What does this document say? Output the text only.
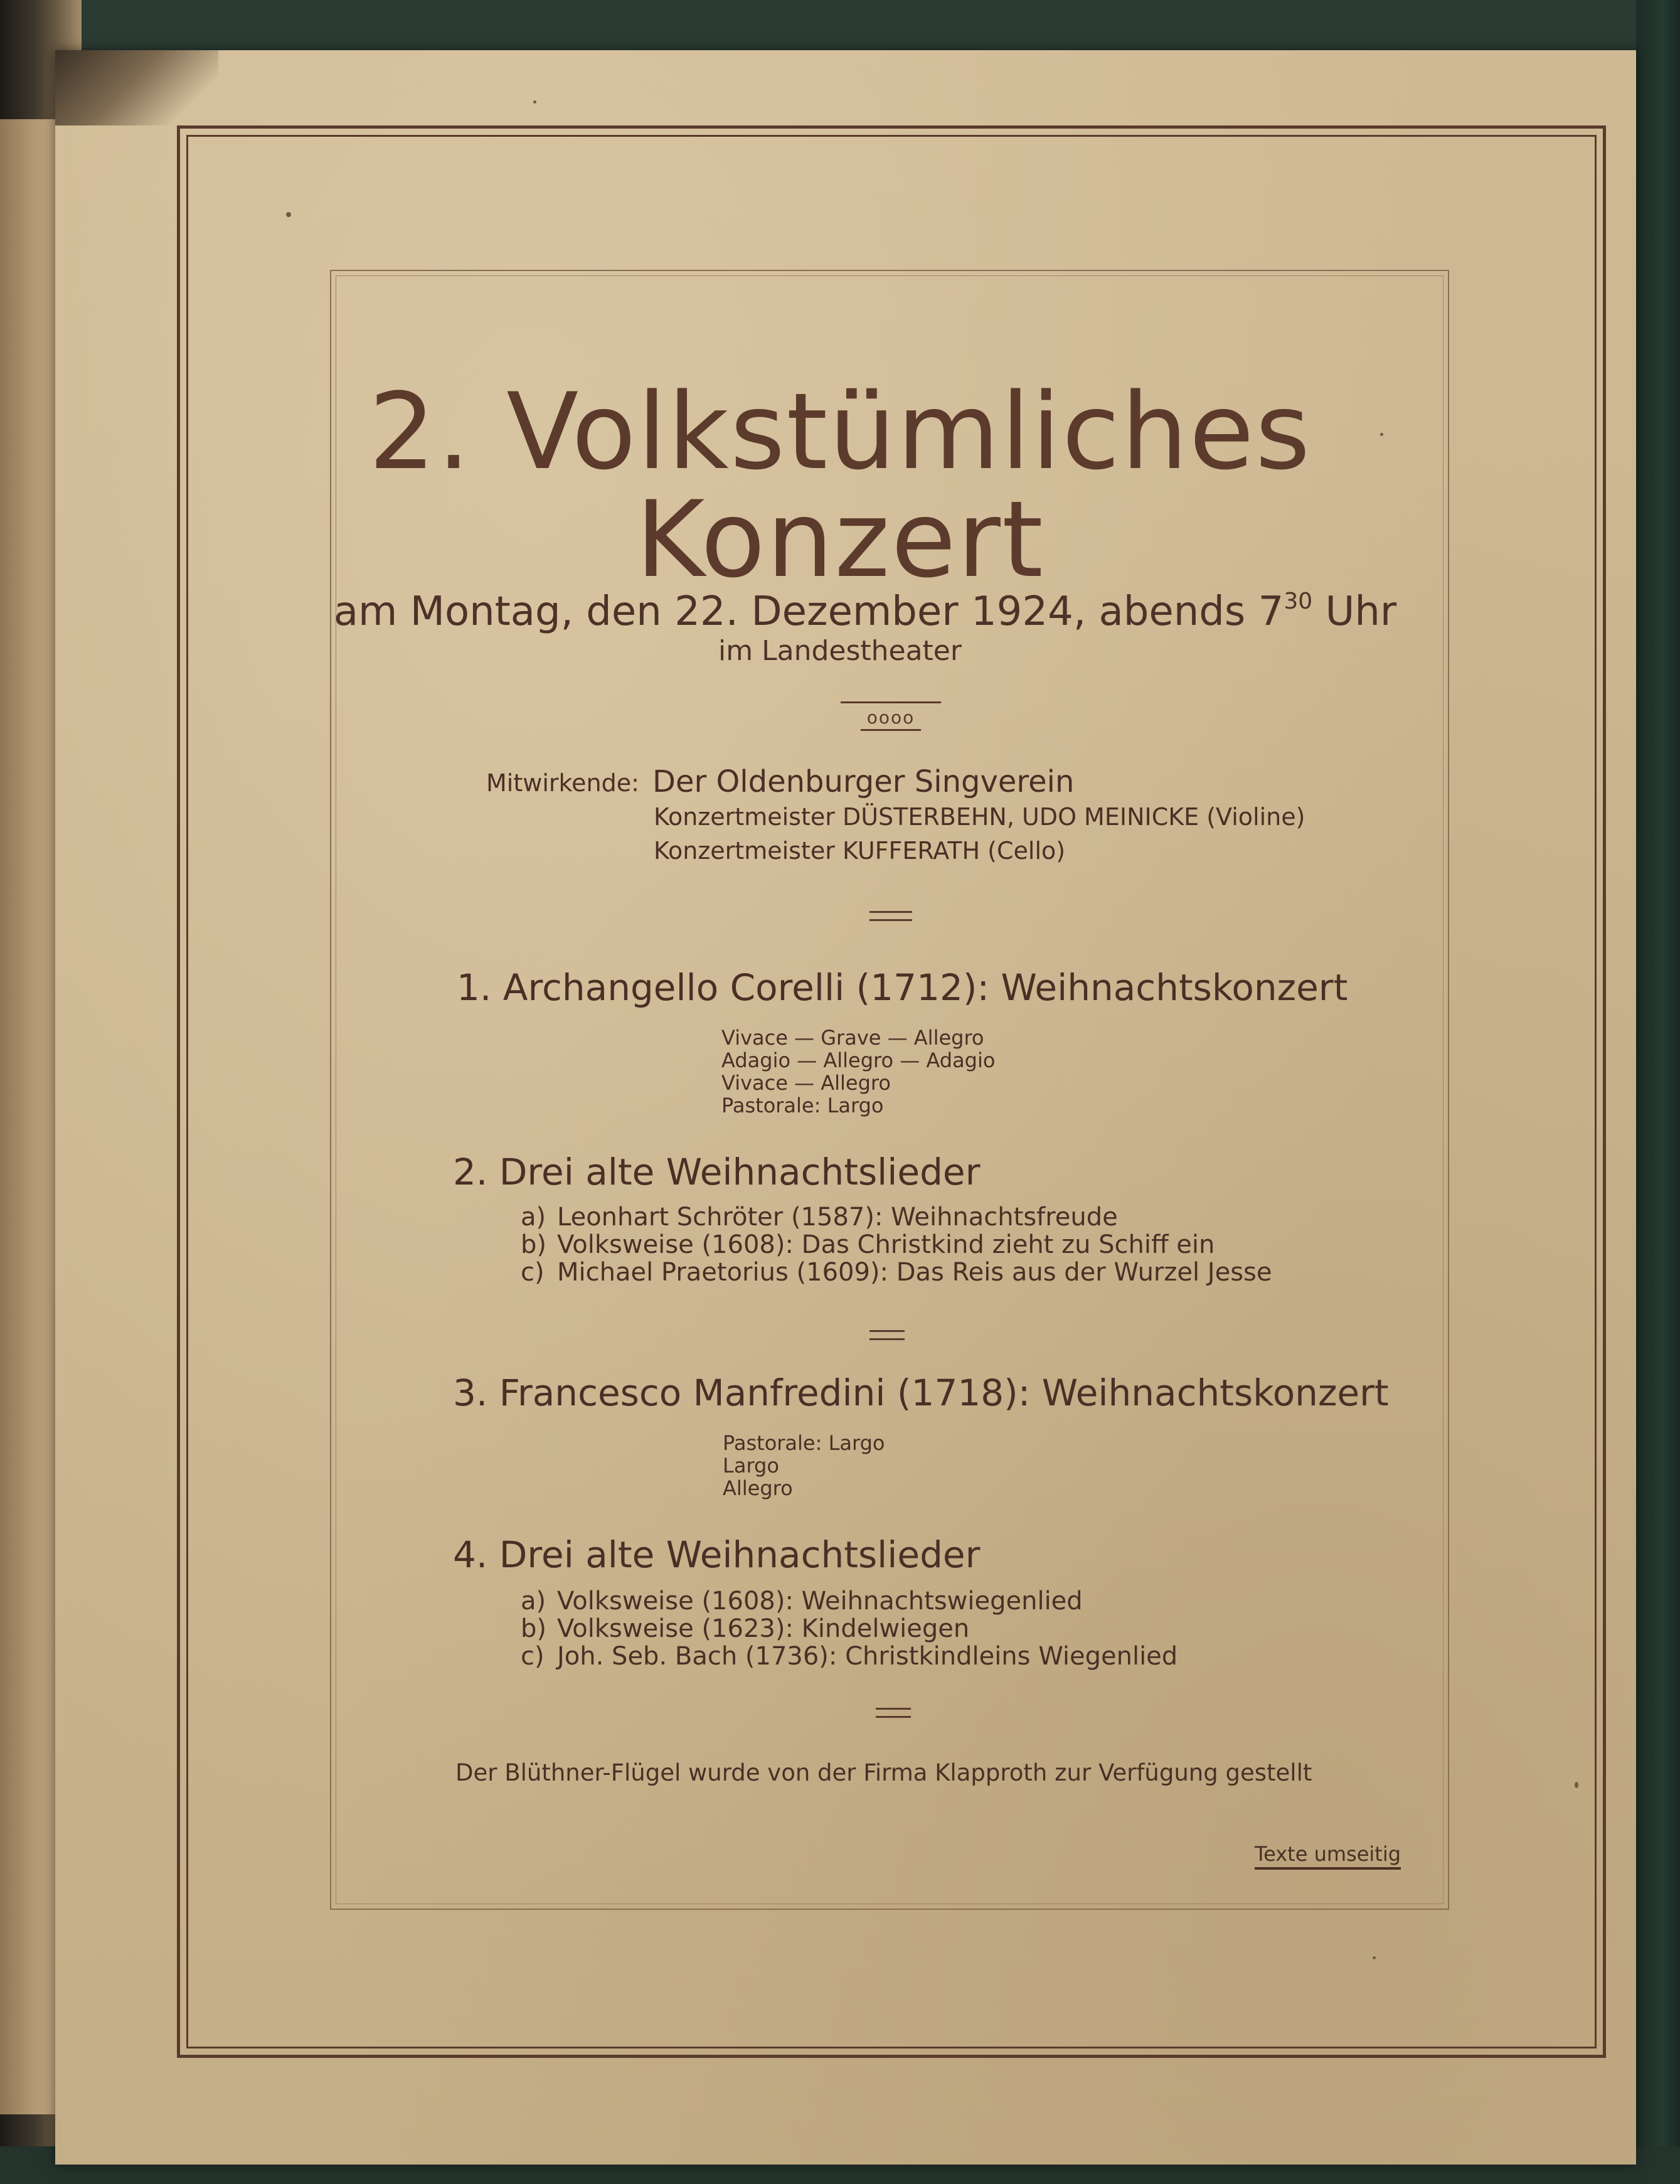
2. Volkstümliches
Konzert
am Montag, den 22. Dezember 1924, abends $7^{30}$ Uhr
im Landestheater
oooo
Mitwirkende: Der Oldenburger Singverein
Konzertmeister DÜSTERBEHN, UDO MEINICKE (Violine)
Konzertmeister KUFFERATH (Cello)
1. Archangello Corelli (1712): Weihnachtskonzert
Vivace — Grave — Allegro
Adagio — Allegro — Adagio
Vivace — Allegro
Pastorale: Largo
2. Drei alte Weihnachtslieder
a) Leonhart Schröter (1587): Weihnachtsfreude
b) Volksweise (1608): Das Christkind zieht zu Schiff ein
c) Michael Praetorius (1609): Das Reis aus der Wurzel Jesse
3. Francesco Manfredini (1718): Weihnachtskonzert
Pastorale: Largo
Largo
Allegro
4. Drei alte Weihnachtslieder
a) Volksweise (1608): Weihnachtswiegenlied
b) Volksweise (1623): Kindelwiegen
c) Joh. Seb. Bach (1736): Christkindleins Wiegenlied
Der Blüthner-Flügel wurde von der Firma Klapproth zur Verfügung gestellt
Texte umseitig
